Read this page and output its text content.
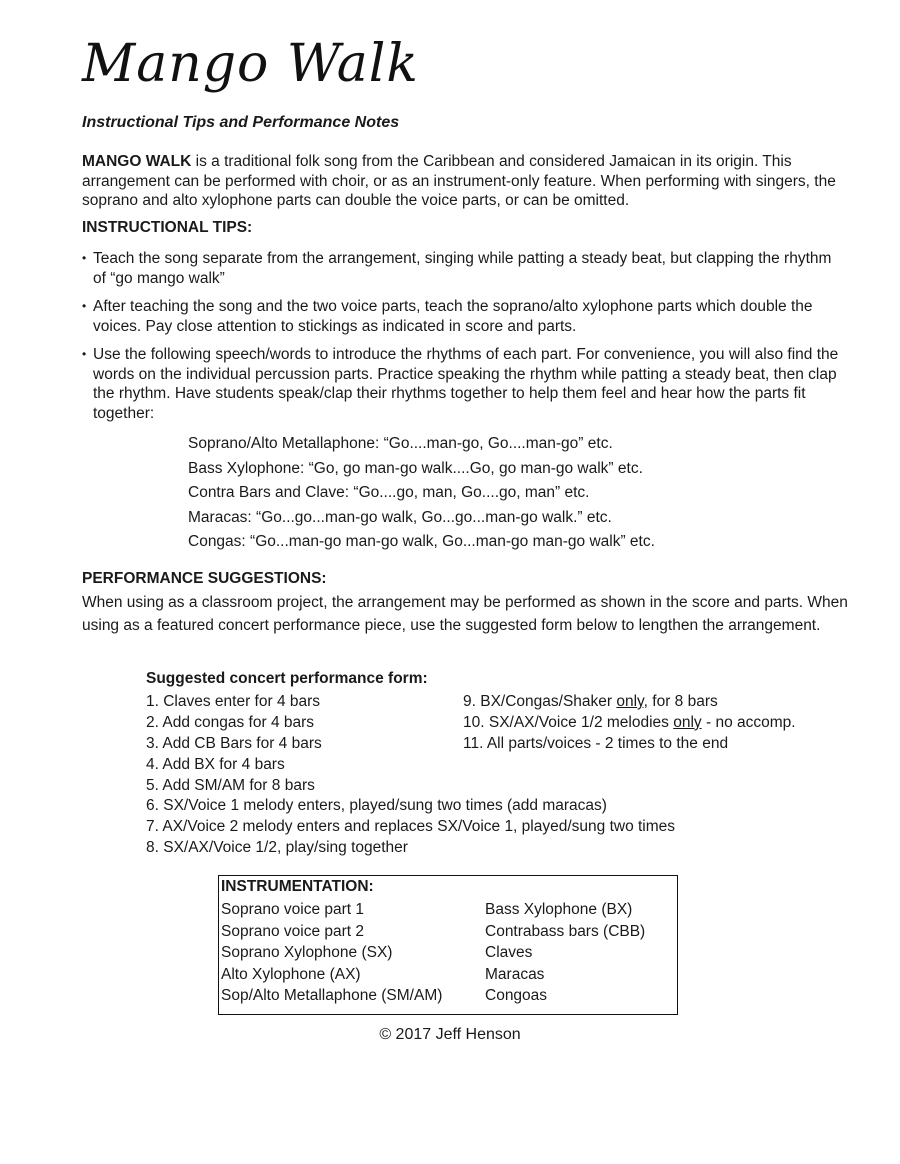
Mango Walk
Instructional Tips and Performance Notes

MANGO WALK is a traditional folk song from the Caribbean and considered Jamaican in its origin. This arrangement can be performed with choir, or as an instrument-only feature. When performing with singers, the soprano and alto xylophone parts can double the voice parts, or can be omitted.

INSTRUCTIONAL TIPS:
• Teach the song separate from the arrangement, singing while patting a steady beat, but clapping the rhythm of “go mango walk”
• After teaching the song and the two voice parts, teach the soprano/alto xylophone parts which double the voices. Pay close attention to stickings as indicated in score and parts.
• Use the following speech/words to introduce the rhythms of each part. For convenience, you will also find the words on the individual percussion parts. Practice speaking the rhythm while patting a steady beat, then clap the rhythm. Have students speak/clap their rhythms together to help them feel and hear how the parts fit together:
Soprano/Alto Metallaphone: “Go....man-go, Go....man-go” etc.
Bass Xylophone: “Go, go man-go walk....Go, go man-go walk” etc.
Contra Bars and Clave: “Go....go, man, Go....go, man” etc.
Maracas: “Go...go...man-go walk, Go...go...man-go walk.” etc.
Congas: “Go...man-go man-go walk, Go...man-go man-go walk” etc.
PERFORMANCE SUGGESTIONS:

When using as a classroom project, the arrangement may be performed as shown in the score and parts. When using as a featured concert performance piece, use the suggested form below to lengthen the arrangement.

Suggested concert performance form:
1. Claves enter for 4 bars
2. Add congas for 4 bars
3. Add CB Bars for 4 bars
4. Add BX for 4 bars
5. Add SM/AM for 8 bars
6. SX/Voice 1 melody enters, played/sung two times (add maracas)
7. AX/Voice 2 melody enters and replaces SX/Voice 1, played/sung two times
8. SX/AX/Voice 1/2, play/sing together
9. BX/Congas/Shaker only, for 8 bars
10. SX/AX/Voice 1/2 melodies only - no accomp.
11. All parts/voices - 2 times to the end
INSTRUMENTATION:
Soprano voice part 1
Soprano voice part 2
Soprano Xylophone (SX)
Alto Xylophone (AX)
Sop/Alto Metallaphone (SM/AM)
Bass Xylophone (BX)
Contrabass bars (CBB)
Claves
Maracas
Congoas
© 2017 Jeff Henson
